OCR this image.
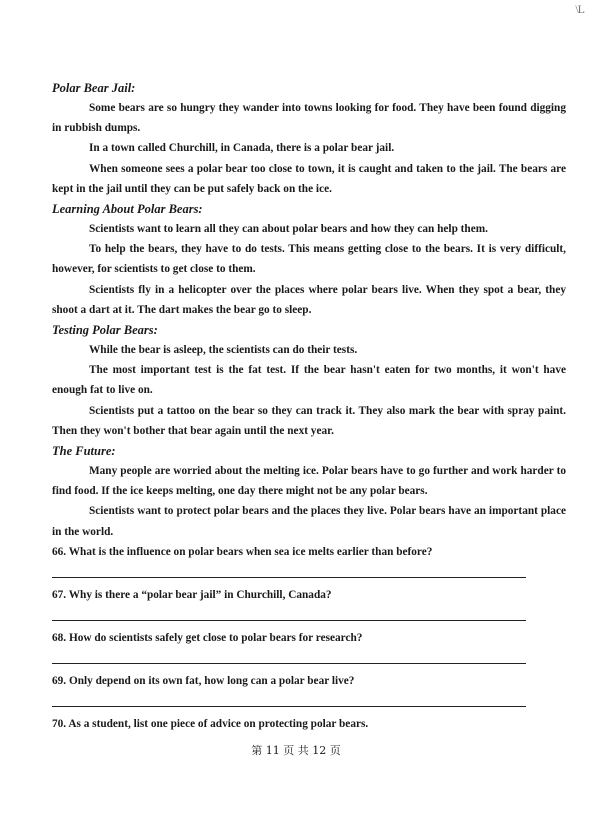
\L
Polar Bear Jail:
Some bears are so hungry they wander into towns looking for food. They have been found digging in rubbish dumps.
In a town called Churchill, in Canada, there is a polar bear jail.
When someone sees a polar bear too close to town, it is caught and taken to the jail. The bears are kept in the jail until they can be put safely back on the ice.
Learning About Polar Bears:
Scientists want to learn all they can about polar bears and how they can help them.
To help the bears, they have to do tests. This means getting close to the bears. It is very difficult, however, for scientists to get close to them.
Scientists fly in a helicopter over the places where polar bears live. When they spot a bear, they shoot a dart at it. The dart makes the bear go to sleep.
Testing Polar Bears:
While the bear is asleep, the scientists can do their tests.
The most important test is the fat test. If the bear hasn't eaten for two months, it won't have enough fat to live on.
Scientists put a tattoo on the bear so they can track it. They also mark the bear with spray paint. Then they won't bother that bear again until the next year.
The Future:
Many people are worried about the melting ice. Polar bears have to go further and work harder to find food. If the ice keeps melting, one day there might not be any polar bears.
Scientists want to protect polar bears and the places they live. Polar bears have an important place in the world.
66. What is the influence on polar bears when sea ice melts earlier than before?
67. Why is there a “polar bear jail” in Churchill, Canada?
68. How do scientists safely get close to polar bears for research?
69. Only depend on its own fat, how long can a polar bear live?
70. As a student, list one piece of advice on protecting polar bears.
第 11 页 共 12 页
